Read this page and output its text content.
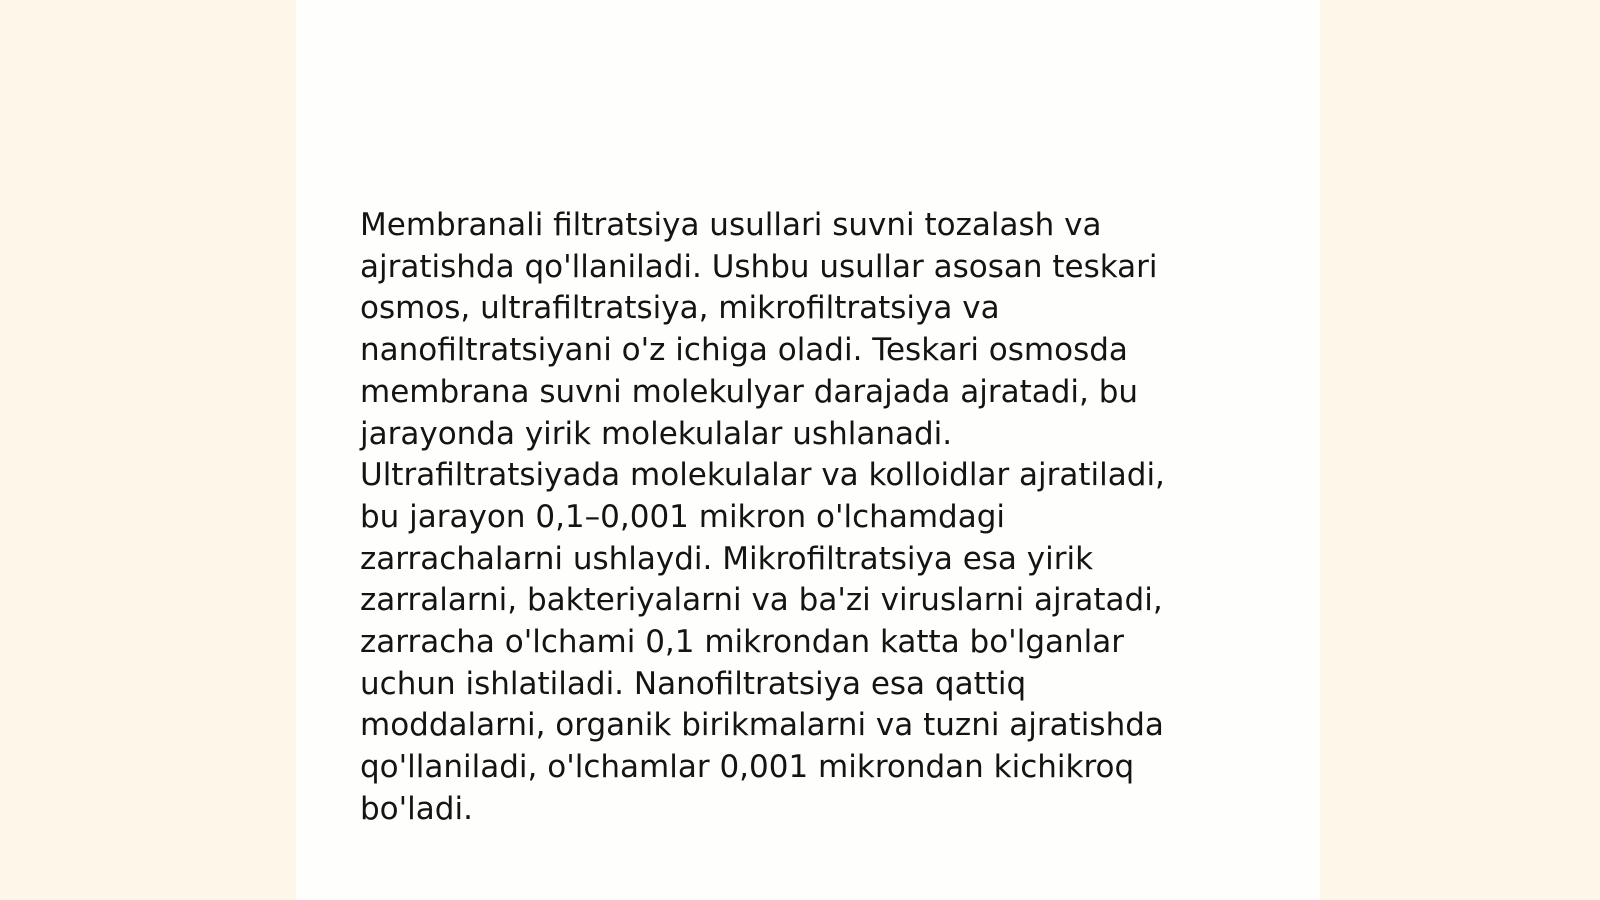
Membranali filtratsiya usullari suvni tozalash va
ajratishda qo'llaniladi. Ushbu usullar asosan teskari
osmos, ultrafiltratsiya, mikrofiltratsiya va
nanofiltratsiyani o'z ichiga oladi. Teskari osmosda
membrana suvni molekulyar darajada ajratadi, bu
jarayonda yirik molekulalar ushlanadi.
Ultrafiltratsiyada molekulalar va kolloidlar ajratiladi,
bu jarayon 0,1–0,001 mikron o'lchamdagi
zarrachalarni ushlaydi. Mikrofiltratsiya esa yirik
zarralarni, bakteriyalarni va ba'zi viruslarni ajratadi,
zarracha o'lchami 0,1 mikrondan katta bo'lganlar
uchun ishlatiladi. Nanofiltratsiya esa qattiq
moddalarni, organik birikmalarni va tuzni ajratishda
qo'llaniladi, o'lchamlar 0,001 mikrondan kichikroq
bo'ladi.
